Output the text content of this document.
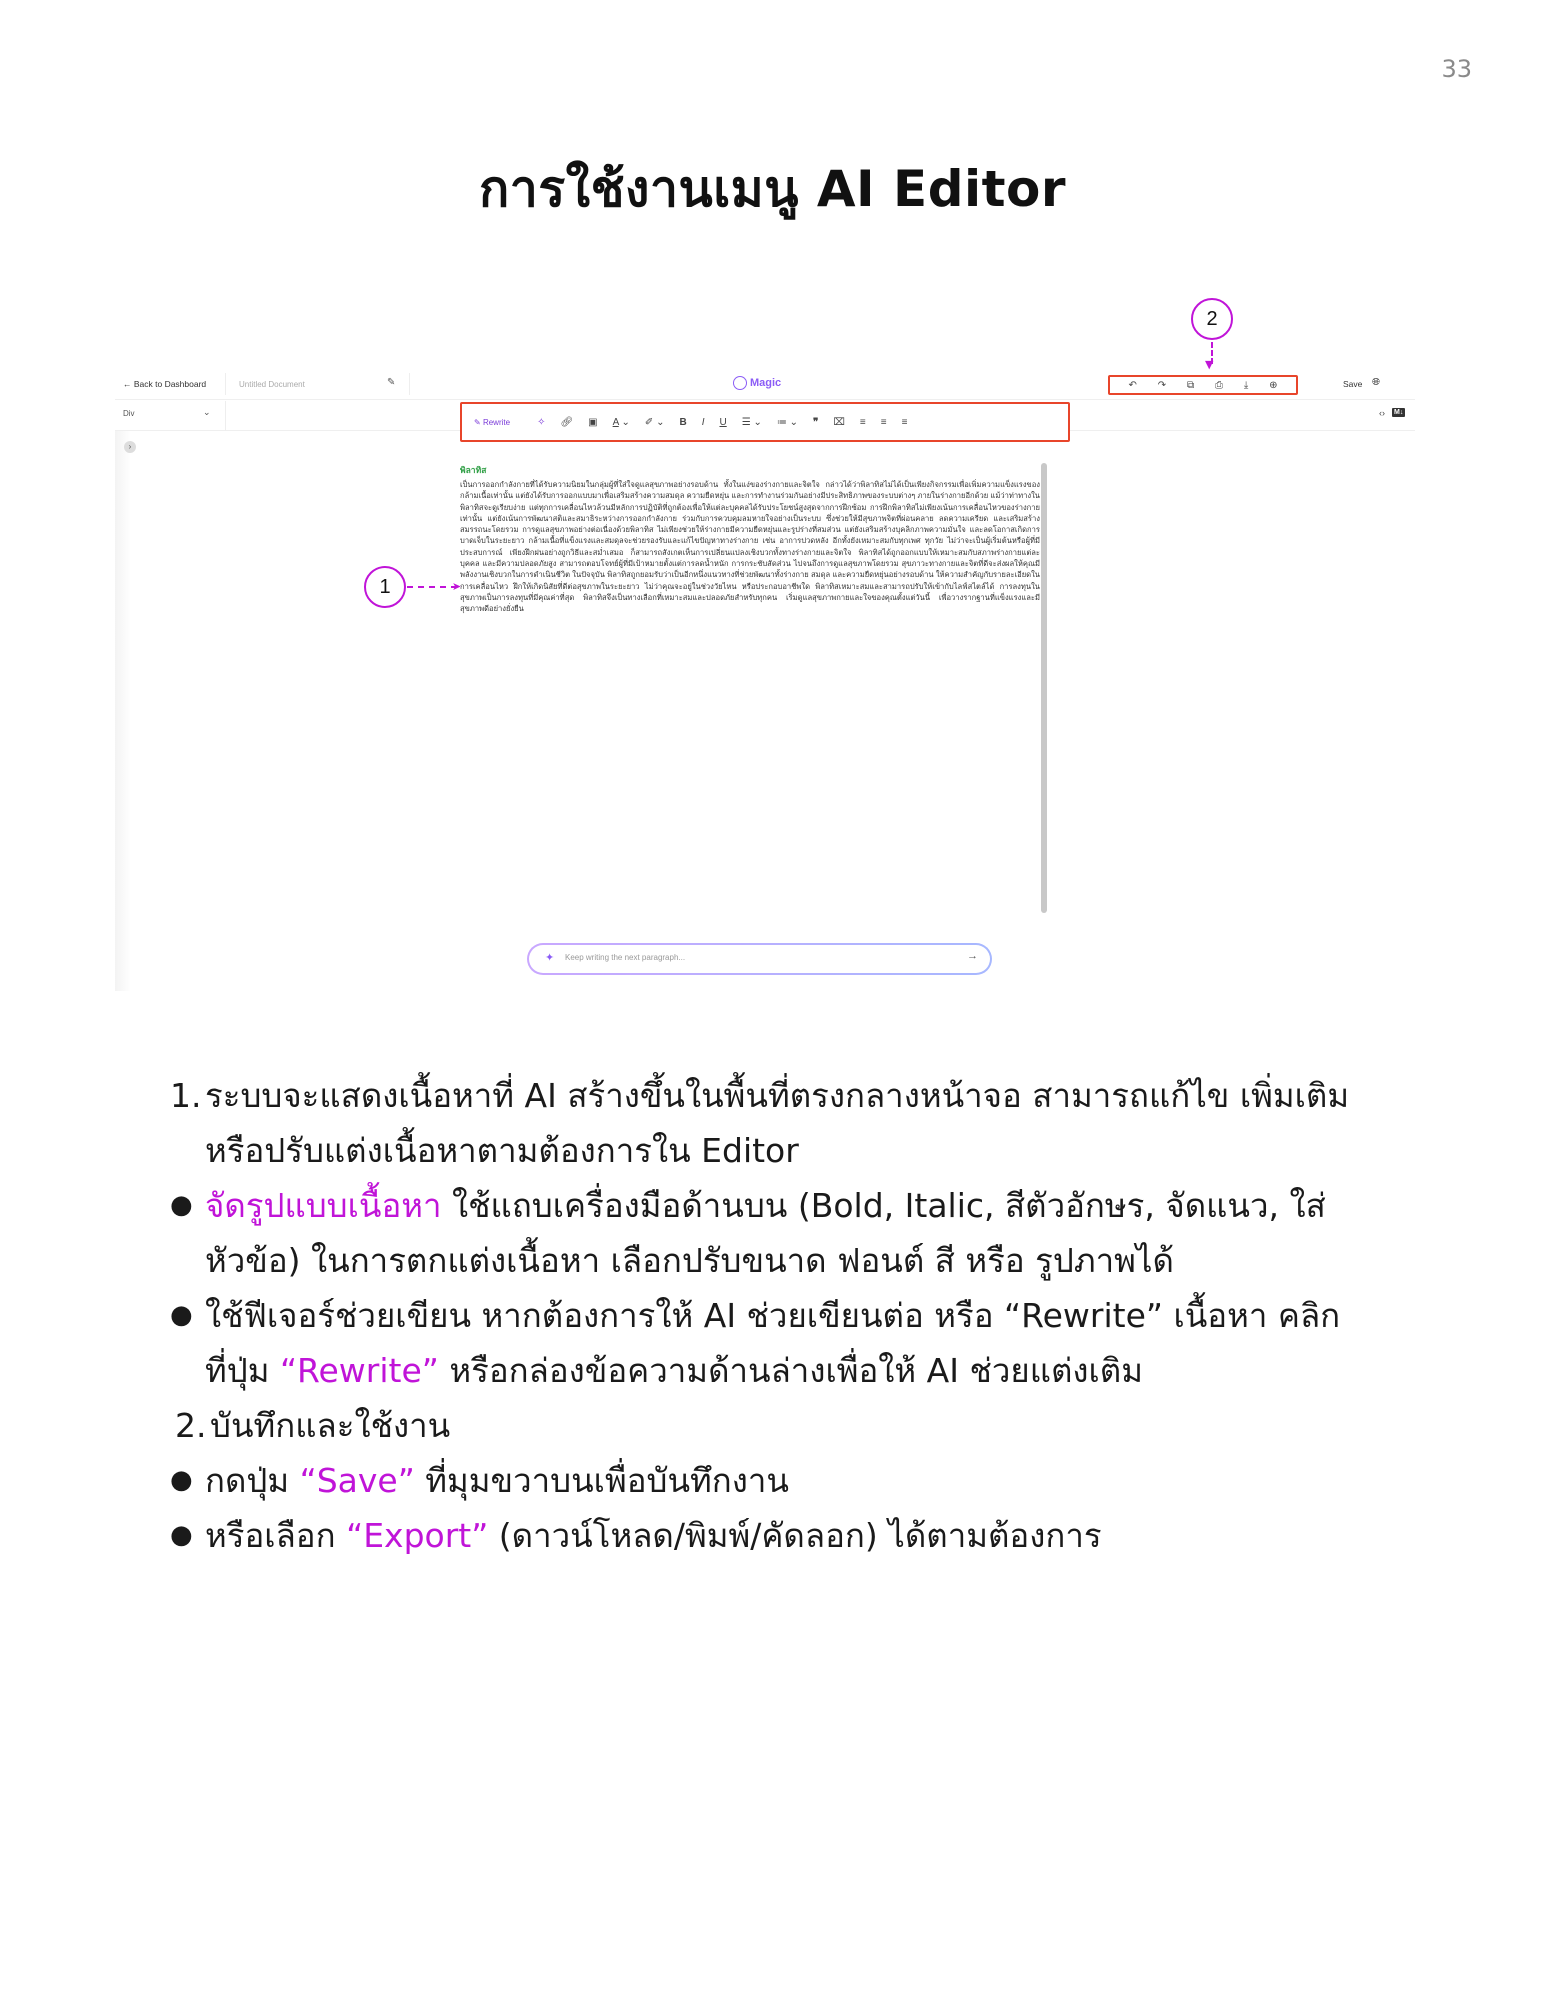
33
การใช้งานเมนู AI Editor
← Back to Dashboard	Untitled Document	✎	Magic	↶ ↷ ⧉ ⎙ ⤓ ⊕	Save 🌐︎
Div	⌄
✎ Rewrite	✧ 🔗︎ ▣ A ⌄ ✐ ⌄ B I U ☰ ⌄ ≔ ⌄ ❞ ⌧ ≡ ≡ ≡
‹› M↓
›
พิลาทิส
เป็นการออกกำลังกายที่ได้รับความนิยมในกลุ่มผู้ที่ใส่ใจดูแลสุขภาพอย่างรอบด้าน ทั้งในแง่ของร่างกายและจิตใจ กล่าวได้ว่าพิลาทิสไม่ได้เป็นเพียงกิจกรรมเพื่อเพิ่มความแข็งแรงของกล้ามเนื้อเท่านั้น แต่ยังได้รับการออกแบบมาเพื่อเสริมสร้างความสมดุล ความยืดหยุ่น และการทำงานร่วมกันอย่างมีประสิทธิภาพของระบบต่างๆ ภายในร่างกายอีกด้วย แม้ว่าท่าทางในพิลาทิสจะดูเรียบง่าย แต่ทุกการเคลื่อนไหวล้วนมีหลักการปฏิบัติที่ถูกต้องเพื่อให้แต่ละบุคคลได้รับประโยชน์สูงสุดจากการฝึกซ้อม การฝึกพิลาทิสไม่เพียงเน้นการเคลื่อนไหวของร่างกายเท่านั้น แต่ยังเน้นการพัฒนาสติและสมาธิระหว่างการออกกำลังกาย ร่วมกับการควบคุมลมหายใจอย่างเป็นระบบ ซึ่งช่วยให้มีสุขภาพจิตที่ผ่อนคลาย ลดความเครียด และเสริมสร้างสมรรถนะโดยรวม การดูแลสุขภาพอย่างต่อเนื่องด้วยพิลาทิส ไม่เพียงช่วยให้ร่างกายมีความยืดหยุ่นและรูปร่างที่สมส่วน แต่ยังเสริมสร้างบุคลิกภาพความมั่นใจ และลดโอกาสเกิดการบาดเจ็บในระยะยาว กล้ามเนื้อที่แข็งแรงและสมดุลจะช่วยรองรับและแก้ไขปัญหาทางร่างกาย เช่น อาการปวดหลัง อีกทั้งยังเหมาะสมกับทุกเพศ ทุกวัย ไม่ว่าจะเป็นผู้เริ่มต้นหรือผู้ที่มีประสบการณ์ เพียงฝึกฝนอย่างถูกวิธีและสม่ำเสมอ ก็สามารถสังเกตเห็นการเปลี่ยนแปลงเชิงบวกทั้งทางร่างกายและจิตใจ พิลาทิสได้ถูกออกแบบให้เหมาะสมกับสภาพร่างกายแต่ละบุคคล และมีความปลอดภัยสูง สามารถตอบโจทย์ผู้ที่มีเป้าหมายตั้งแต่การลดน้ำหนัก การกระชับสัดส่วน ไปจนถึงการดูแลสุขภาพโดยรวม สุขภาวะทางกายและจิตที่ดีจะส่งผลให้คุณมีพลังงานเชิงบวกในการดำเนินชีวิต ในปัจจุบัน พิลาทิสถูกยอมรับว่าเป็นอีกหนึ่งแนวทางที่ช่วยพัฒนาทั้งร่างกาย สมดุล และความยืดหยุ่นอย่างรอบด้าน ให้ความสำคัญกับรายละเอียดในการเคลื่อนไหว ฝึกให้เกิดนิสัยที่ดีต่อสุขภาพในระยะยาว ไม่ว่าคุณจะอยู่ในช่วงวัยไหน หรือประกอบอาชีพใด พิลาทิสเหมาะสมและสามารถปรับให้เข้ากับไลฟ์สไตล์ได้ การลงทุนในสุขภาพเป็นการลงทุนที่มีคุณค่าที่สุด พิลาทิสจึงเป็นทางเลือกที่เหมาะสมและปลอดภัยสำหรับทุกคน เริ่มดูแลสุขภาพกายและใจของคุณตั้งแต่วันนี้ เพื่อวางรากฐานที่แข็งแรงและมีสุขภาพดีอย่างยั่งยืน
✦
Keep writing the next paragraph...	→
1	➤
2
▼
1. ระบบจะแสดงเนื้อหาที่ AI สร้างขึ้นในพื้นที่ตรงกลางหน้าจอ สามารถแก้ไข เพิ่มเติม
หรือปรับแต่งเนื้อหาตามต้องการใน Editor
● จัดรูปแบบเนื้อหา ใช้แถบเครื่องมือด้านบน (Bold, Italic, สีตัวอักษร, จัดแนว, ใส่
หัวข้อ) ในการตกแต่งเนื้อหา เลือกปรับขนาด ฟอนต์ สี หรือ รูปภาพได้
● ใช้ฟีเจอร์ช่วยเขียน หากต้องการให้ AI ช่วยเขียนต่อ หรือ “Rewrite” เนื้อหา คลิก
ที่ปุ่ม “Rewrite” หรือกล่องข้อความด้านล่างเพื่อให้ AI ช่วยแต่งเติม
2. บันทึกและใช้งาน
● กดปุ่ม “Save” ที่มุมขวาบนเพื่อบันทึกงาน
● หรือเลือก “Export” (ดาวน์โหลด/พิมพ์/คัดลอก) ได้ตามต้องการ
